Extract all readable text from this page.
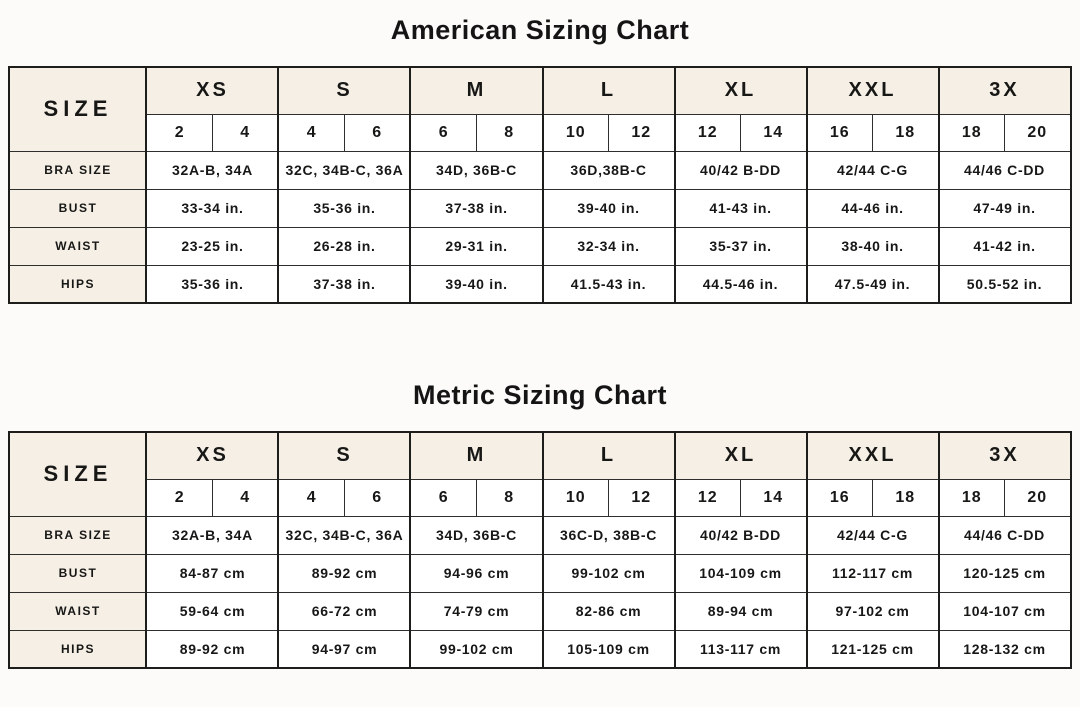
American Sizing Chart
SIZE	XS		S		M		L		XL		XXL		3X	
	2	4	4	6	6	8	10	12	12	14	16	18	18	20
BRA SIZE	32A-B, 34A		32C, 34B-C, 36A		34D, 36B-C		36D,38B-C		40/42 B-DD		42/44 C-G		44/46 C-DD	
BUST	33-34 in.		35-36 in.		37-38 in.		39-40 in.		41-43 in.		44-46 in.		47-49 in.	
WAIST	23-25 in.		26-28 in.		29-31 in.		32-34 in.		35-37 in.		38-40 in.		41-42 in.	
HIPS	35-36 in.		37-38 in.		39-40 in.		41.5-43 in.		44.5-46 in.		47.5-49 in.		50.5-52 in.	
Metric Sizing Chart
SIZE	XS		S		M		L		XL		XXL		3X	
	2	4	4	6	6	8	10	12	12	14	16	18	18	20
BRA SIZE	32A-B, 34A		32C, 34B-C, 36A		34D, 36B-C		36C-D, 38B-C		40/42 B-DD		42/44 C-G		44/46 C-DD	
BUST	84-87 cm		89-92 cm		94-96 cm		99-102 cm		104-109 cm		112-117 cm		120-125 cm	
WAIST	59-64 cm		66-72 cm		74-79 cm		82-86 cm		89-94 cm		97-102 cm		104-107 cm	
HIPS	89-92 cm		94-97 cm		99-102 cm		105-109 cm		113-117 cm		121-125 cm		128-132 cm	
